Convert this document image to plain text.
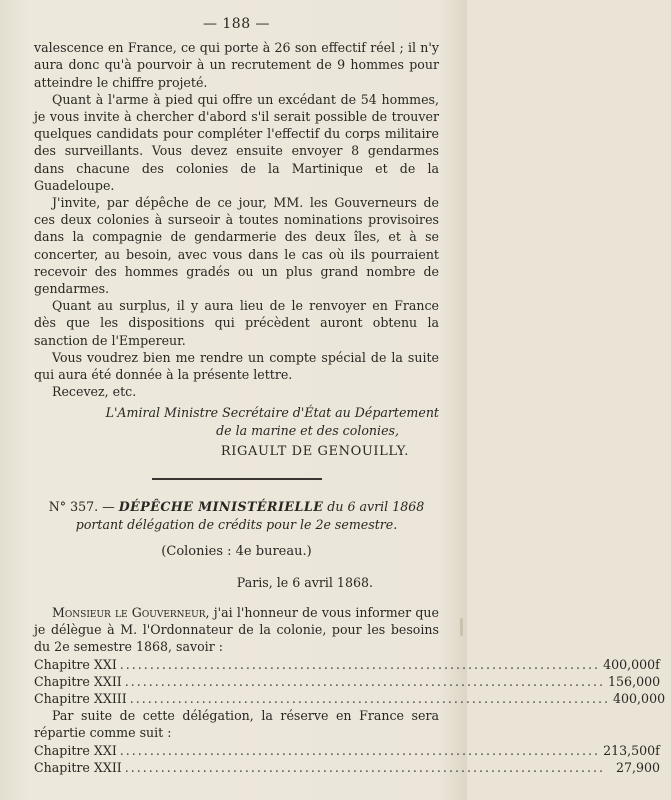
— 188 —

valescence en France, ce qui porte à 26 son effectif réel ; il n'y aura donc qu'à pourvoir à un recrutement de 9 hommes pour atteindre le chiffre projeté.

Quant à l'arme à pied qui offre un excédant de 54 hommes, je vous invite à chercher d'abord s'il serait possible de trouver quelques candidats pour compléter l'effectif du corps militaire des surveillants. Vous devez ensuite envoyer 8 gendarmes dans chacune des colonies de la Martinique et de la Guadeloupe.

J'invite, par dépêche de ce jour, MM. les Gouverneurs de ces deux colonies à surseoir à toutes nominations provisoires dans la compagnie de gendarmerie des deux îles, et à se concerter, au besoin, avec vous dans le cas où ils pourraient recevoir des hommes gradés ou un plus grand nombre de gendarmes.

Quant au surplus, il y aura lieu de le renvoyer en France dès que les dispositions qui précèdent auront obtenu la sanction de l'Empereur.

Vous voudrez bien me rendre un compte spécial de la suite qui aura été donnée à la présente lettre.

Recevez, etc.

L'Amiral Ministre Secrétaire d'État au Département
de la marine et des colonies,
RIGAULT DE GENOUILLY.
N° 357. — DÉPÊCHE MINISTÉRIELLE du 6 avril 1868
portant délégation de crédits pour le 2e semestre.
(Colonies : 4e bureau.)
Paris, le 6 avril 1868.

Monsieur le Gouverneur, j'ai l'honneur de vous informer que je délègue à M. l'Ordonnateur de la colonie, pour les besoins du 2e semestre 1868, savoir :

Chapitre XXI ................................................................................ 400,000f
Chapitre XXII ................................................................................ 156,000
Chapitre XXIII ................................................................................ 400,000

Par suite de cette délégation, la réserve en France sera répartie comme suit :

Chapitre XXI ................................................................................ 213,500f
Chapitre XXII ................................................................................ 27,900
